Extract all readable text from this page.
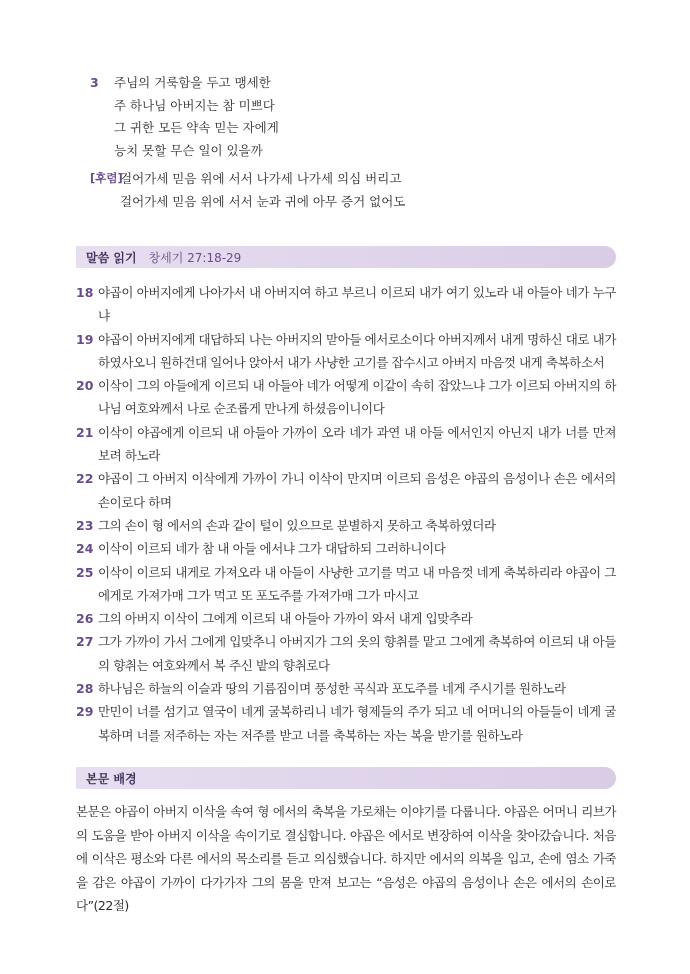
3	주님의 거룩함을 두고 맹세한
주 하나님 아버지는 참 미쁘다
그 귀한 모든 약속 믿는 자에게
능치 못할 무슨 일이 있을까
[후렴]
걸어가세 믿음 위에 서서 나가세 나가세 의심 버리고
걸어가세 믿음 위에 서서 눈과 귀에 아무 증거 없어도
말씀 읽기 창세기 27:18-29
18 야곱이 아버지에게 나아가서 내 아버지여 하고 부르니 이르되 내가 여기 있노라 내 아들아 네가 누구냐
19 야곱이 아버지에게 대답하되 나는 아버지의 맏아들 에서로소이다 아버지께서 내게 명하신 대로 내가 하였사오니 원하건대 일어나 앉아서 내가 사냥한 고기를 잡수시고 아버지 마음껏 내게 축복하소서
20 이삭이 그의 아들에게 이르되 내 아들아 네가 어떻게 이같이 속히 잡았느냐 그가 이르되 아버지의 하나님 여호와께서 나로 순조롭게 만나게 하셨음이니이다
21 이삭이 야곱에게 이르되 내 아들아 가까이 오라 네가 과연 내 아들 에서인지 아닌지 내가 너를 만져 보려 하노라
22 야곱이 그 아버지 이삭에게 가까이 가니 이삭이 만지며 이르되 음성은 야곱의 음성이나 손은 에서의 손이로다 하며
23 그의 손이 형 에서의 손과 같이 털이 있으므로 분별하지 못하고 축복하였더라
24 이삭이 이르되 네가 참 내 아들 에서냐 그가 대답하되 그러하니이다
25 이삭이 이르되 내게로 가져오라 내 아들이 사냥한 고기를 먹고 내 마음껏 네게 축복하리라 야곱이 그에게로 가져가매 그가 먹고 또 포도주를 가져가매 그가 마시고
26 그의 아버지 이삭이 그에게 이르되 내 아들아 가까이 와서 내게 입맞추라
27 그가 가까이 가서 그에게 입맞추니 아버지가 그의 옷의 향취를 맡고 그에게 축복하여 이르되 내 아들의 향취는 여호와께서 복 주신 밭의 향취로다
28 하나님은 하늘의 이슬과 땅의 기름짐이며 풍성한 곡식과 포도주를 네게 주시기를 원하노라
29 만민이 너를 섬기고 열국이 네게 굴복하리니 네가 형제들의 주가 되고 네 어머니의 아들들이 네게 굴복하며 너를 저주하는 자는 저주를 받고 너를 축복하는 자는 복을 받기를 원하노라
본문 배경
본문은 야곱이 아버지 이삭을 속여 형 에서의 축복을 가로채는 이야기를 다룹니다. 야곱은 어머니 리브가의 도움을 받아 아버지 이삭을 속이기로 결심합니다. 야곱은 에서로 변장하여 이삭을 찾아갔습니다. 처음에 이삭은 평소와 다른 에서의 목소리를 듣고 의심했습니다. 하지만 에서의 의복을 입고, 손에 염소 가죽을 감은 야곱이 가까이 다가가자 그의 몸을 만져 보고는 “음성은 야곱의 음성이나 손은 에서의 손이로다”(22절)
